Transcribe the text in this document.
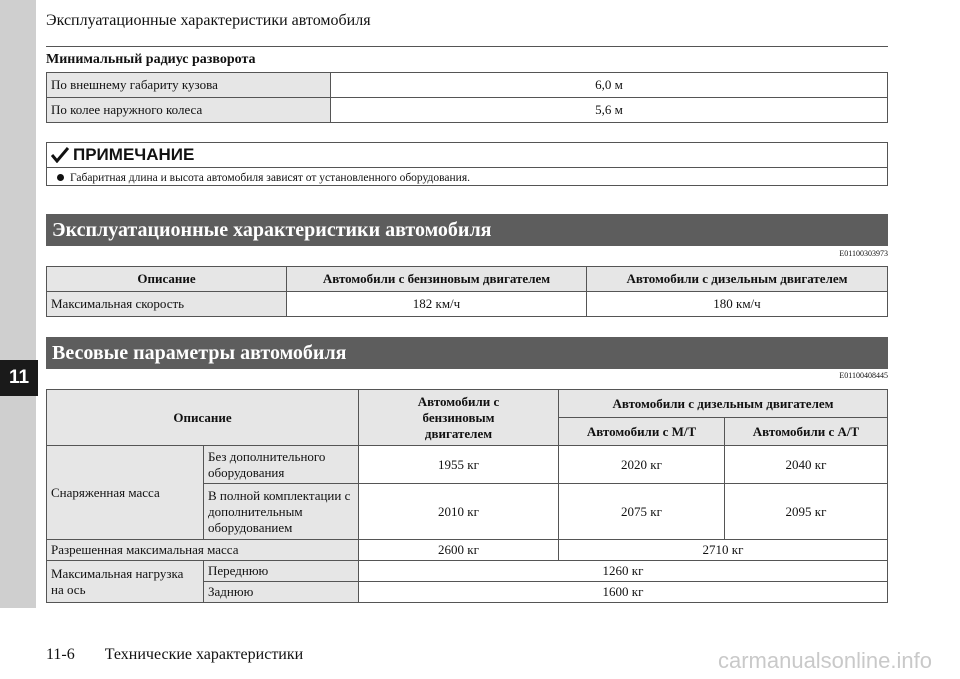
11
Эксплуатационные характеристики автомобиля
Минимальный радиус разворота
По внешнему габариту кузова	6,0 м
По колее наружного колеса	5,6 м
ПРИМЕЧАНИЕ
Габаритная длина и высота автомобиля зависят от установленного оборудования.
Эксплуатационные характеристики автомобиля
E01100303973
Описание	Автомобили с бензиновым двигателем	Автомобили с дизельным двигателем
Максимальная скорость	182 км/ч	180 км/ч
Весовые параметры автомобиля
E01100408445
Описание		Автомобили с бензиновым двигателем	Автомобили с дизельным двигателем	
			Автомобили с M/T	Автомобили с A/T
Снаряженная масса	Без дополнительного оборудования	1955 кг	2020 кг	2040 кг
	В полной комплектации с дополнительным оборудованием	2010 кг	2075 кг	2095 кг
Разрешенная максимальная масса		2600 кг	2710 кг	
Максимальная нагрузка на ось	Переднюю	1260 кг		
	Заднюю	1600 кг		
11-6 Технические характеристики	carmanualsonline.info
